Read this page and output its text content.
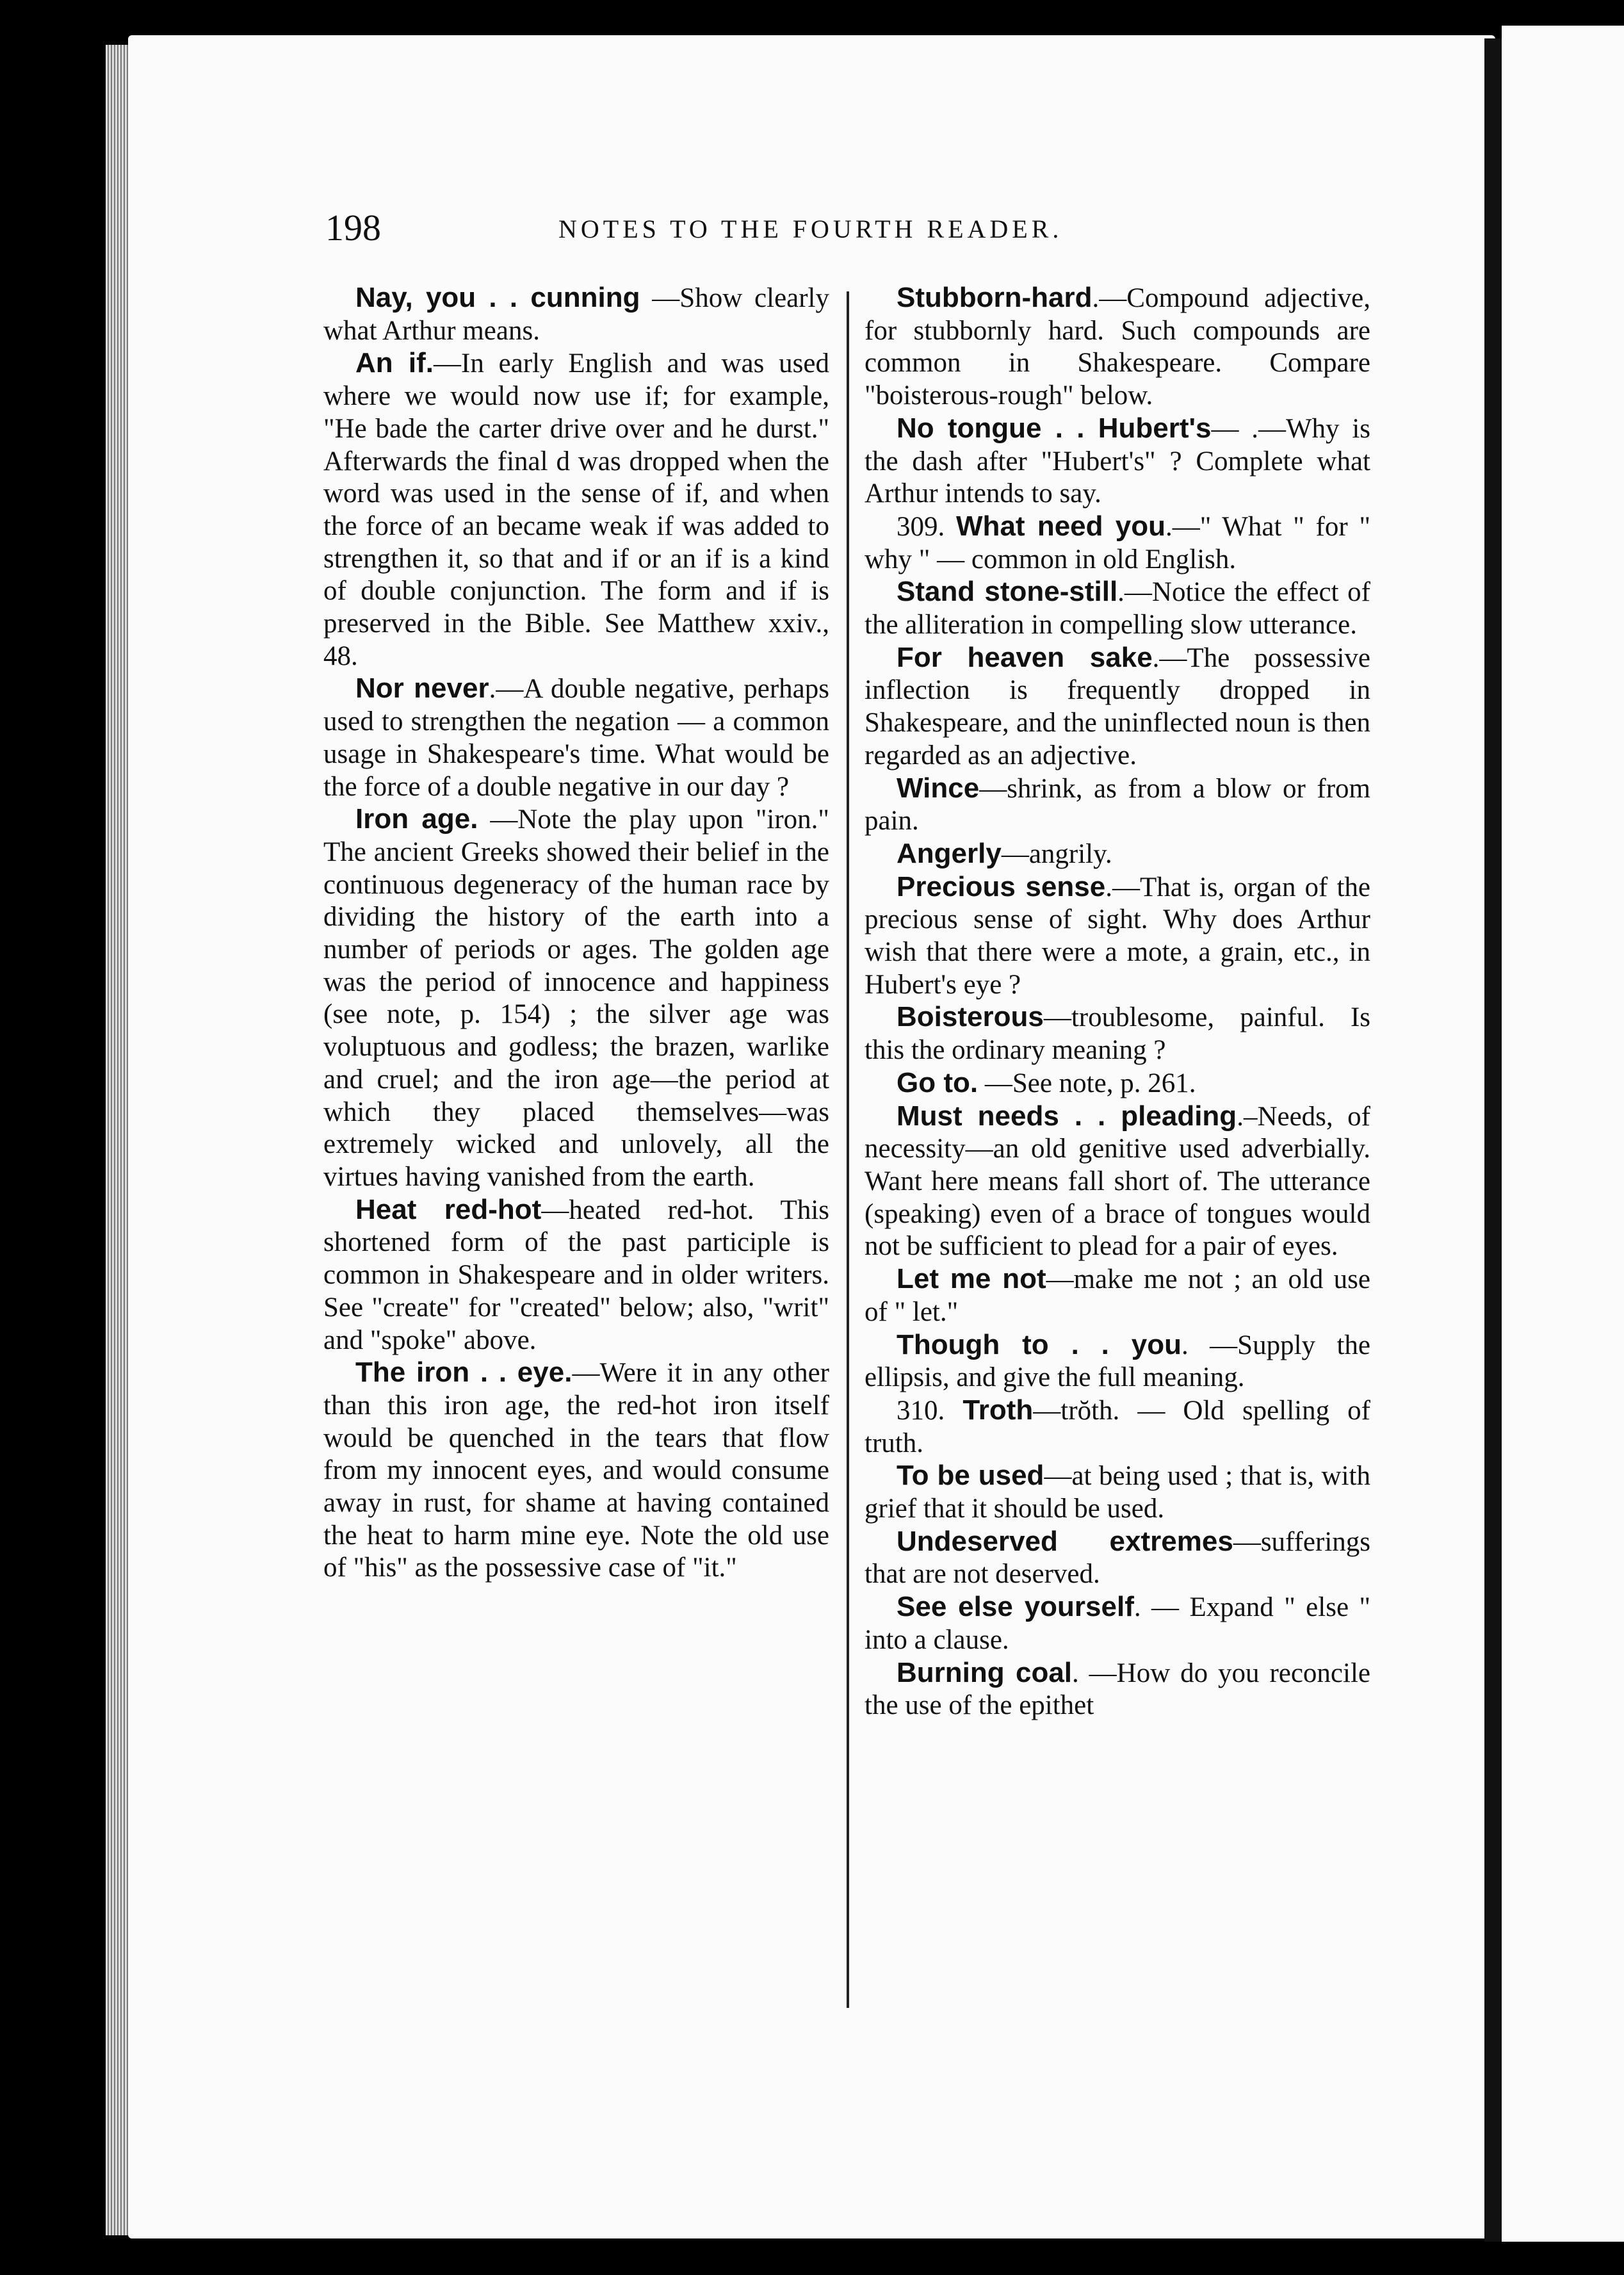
198	NOTES TO THE FOURTH READER.

Nay, you . . cunning —Show clearly what Arthur means.

An if.—In early English and was used where we would now use if; for example, "He bade the carter drive over and he durst." Afterwards the final d was dropped when the word was used in the sense of if, and when the force of an became weak if was added to strengthen it, so that and if or an if is a kind of double conjunction. The form and if is preserved in the Bible. See Matthew xxiv., 48.

Nor never.—A double negative, perhaps used to strengthen the negation — a common usage in Shakespeare's time. What would be the force of a double negative in our day ?

Iron age. —Note the play upon "iron." The ancient Greeks showed their belief in the continuous degeneracy of the human race by dividing the history of the earth into a number of periods or ages. The golden age was the period of innocence and happiness (see note, p. 154) ; the silver age was voluptuous and godless; the brazen, warlike and cruel; and the iron age—the period at which they placed themselves—was extremely wicked and unlovely, all the virtues having vanished from the earth.

Heat red-hot—heated red-hot. This shortened form of the past participle is common in Shakespeare and in older writers. See "create" for "created" below; also, "writ" and "spoke" above.

The iron . . eye.—Were it in any other than this iron age, the red-hot iron itself would be quenched in the tears that flow from my innocent eyes, and would consume away in rust, for shame at having contained the heat to harm mine eye. Note the old use of "his" as the possessive case of "it."

Stubborn-hard.—Compound adjective, for stubbornly hard. Such compounds are common in Shakespeare. Compare "boisterous-rough" below.

No tongue . . Hubert's— .—Why is the dash after "Hubert's" ? Complete what Arthur intends to say.

309. What need you.—" What " for " why " — common in old English.

Stand stone-still.—Notice the effect of the alliteration in compelling slow utterance.

For heaven sake.—The possessive inflection is frequently dropped in Shakespeare, and the uninflected noun is then regarded as an adjective.

Wince—shrink, as from a blow or from pain.

Angerly—angrily.

Precious sense.—That is, organ of the precious sense of sight. Why does Arthur wish that there were a mote, a grain, etc., in Hubert's eye ?

Boisterous—troublesome, painful. Is this the ordinary meaning ?

Go to. —See note, p. 261.

Must needs . . pleading.–Needs, of necessity—an old genitive used adverbially. Want here means fall short of. The utterance (speaking) even of a brace of tongues would not be sufficient to plead for a pair of eyes.

Let me not—make me not ; an old use of " let."

Though to . . you. —Supply the ellipsis, and give the full meaning.

310. Troth—trŏth. — Old spelling of truth.

To be used—at being used ; that is, with grief that it should be used.

Undeserved extremes—sufferings that are not deserved.

See else yourself. — Expand " else " into a clause.

Burning coal. —How do you reconcile the use of the epithet
